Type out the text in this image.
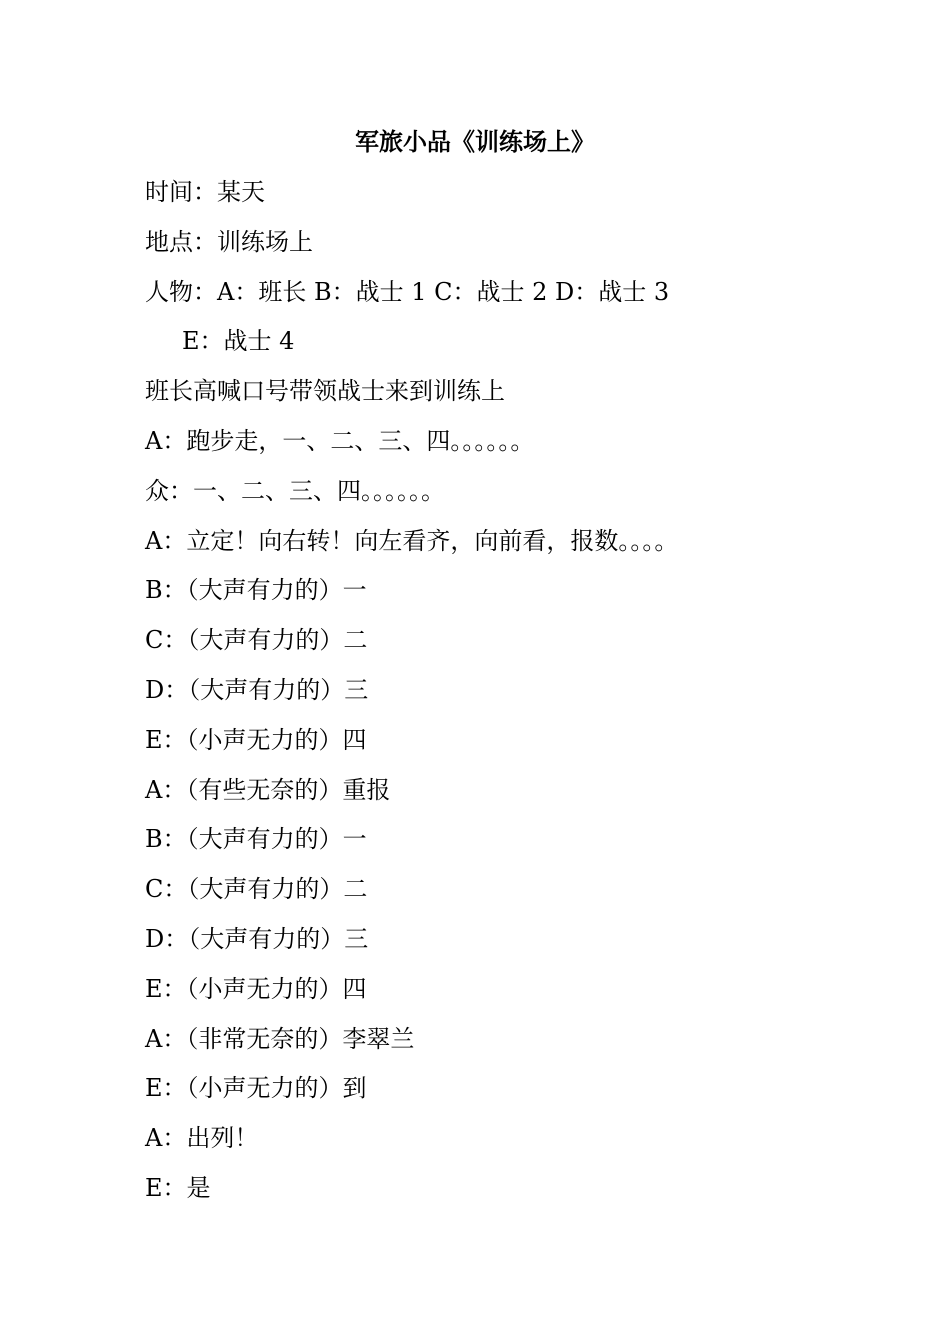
军旅小品《训练场上》
时间：某天
地点：训练场上
人物：A：班长 B：战士 1 C：战士 2 D：战士 3
E：战士 4
班长高喊口号带领战士来到训练上
A：跑步走，一、二、三、四。。。。。。
众：一、二、三、四。。。。。。
A：立定！向右转！向左看齐，向前看，报数。。。。
B：（大声有力的）一
C：（大声有力的）二
D：（大声有力的）三
E：（小声无力的）四
A：（有些无奈的）重报
B：（大声有力的）一
C：（大声有力的）二
D：（大声有力的）三
E：（小声无力的）四
A：（非常无奈的）李翠兰
E：（小声无力的）到
A：出列！
E：是
